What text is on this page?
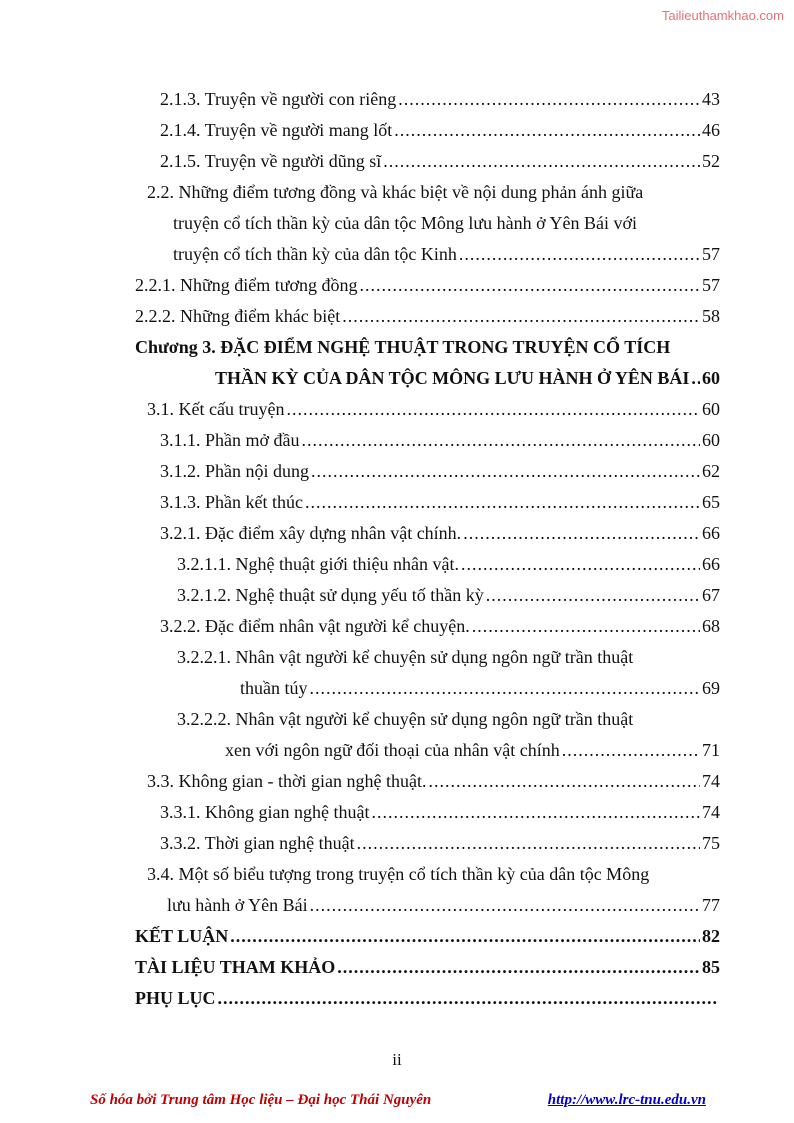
Tailieuthamkhao.com
2.1.3. Truyện về người con riêng .....	43
2.1.4. Truyện về người mang lốt .....	46
2.1.5. Truyện về người dũng sĩ .....	52
2.2. Những điểm tương đồng và khác biệt về nội dung phản ánh giữa
truyện cổ tích thần kỳ của dân tộc Mông lưu hành ở Yên Bái với
truyện cổ tích thần kỳ của dân tộc Kinh .....	57
2.2.1. Những điểm tương đồng .....	57
2.2.2. Những điểm khác biệt .....	58
Chương 3. ĐẶC ĐIỂM NGHỆ THUẬT TRONG TRUYỆN CỔ TÍCH
THẦN KỲ CỦA DÂN TỘC MÔNG LƯU HÀNH Ở YÊN BÁI ..... 60
3.1. Kết cấu truyện .....	60
3.1.1. Phần mở đầu .....	60
3.1.2. Phần nội dung .....	62
3.1.3. Phần kết thúc .....	65
3.2.1. Đặc điểm xây dựng nhân vật chính. .....	66
3.2.1.1. Nghệ thuật giới thiệu nhân vật. .....	66
3.2.1.2. Nghệ thuật sử dụng yếu tố thần kỳ .....	67
3.2.2. Đặc điểm nhân vật người kể chuyện. .....	68
3.2.2.1. Nhân vật người kể chuyện sử dụng ngôn ngữ trần thuật
thuần túy .....	69
3.2.2.2. Nhân vật người kể chuyện sử dụng ngôn ngữ trần thuật
xen với ngôn ngữ đối thoại của nhân vật chính .....	71
3.3. Không gian - thời gian nghệ thuật. .....	74
3.3.1. Không gian nghệ thuật .....	74
3.3.2. Thời gian nghệ thuật .....	75
3.4. Một số biểu tượng trong truyện cổ tích thần kỳ của dân tộc Mông
lưu hành ở Yên Bái .....	77
KẾT LUẬN .....	82
TÀI LIỆU THAM KHẢO .....	85
PHỤ LỤC
.....
ii
Số hóa bởi Trung tâm Học liệu – Đại học Thái Nguyên	http://www.lrc-tnu.edu.vn
